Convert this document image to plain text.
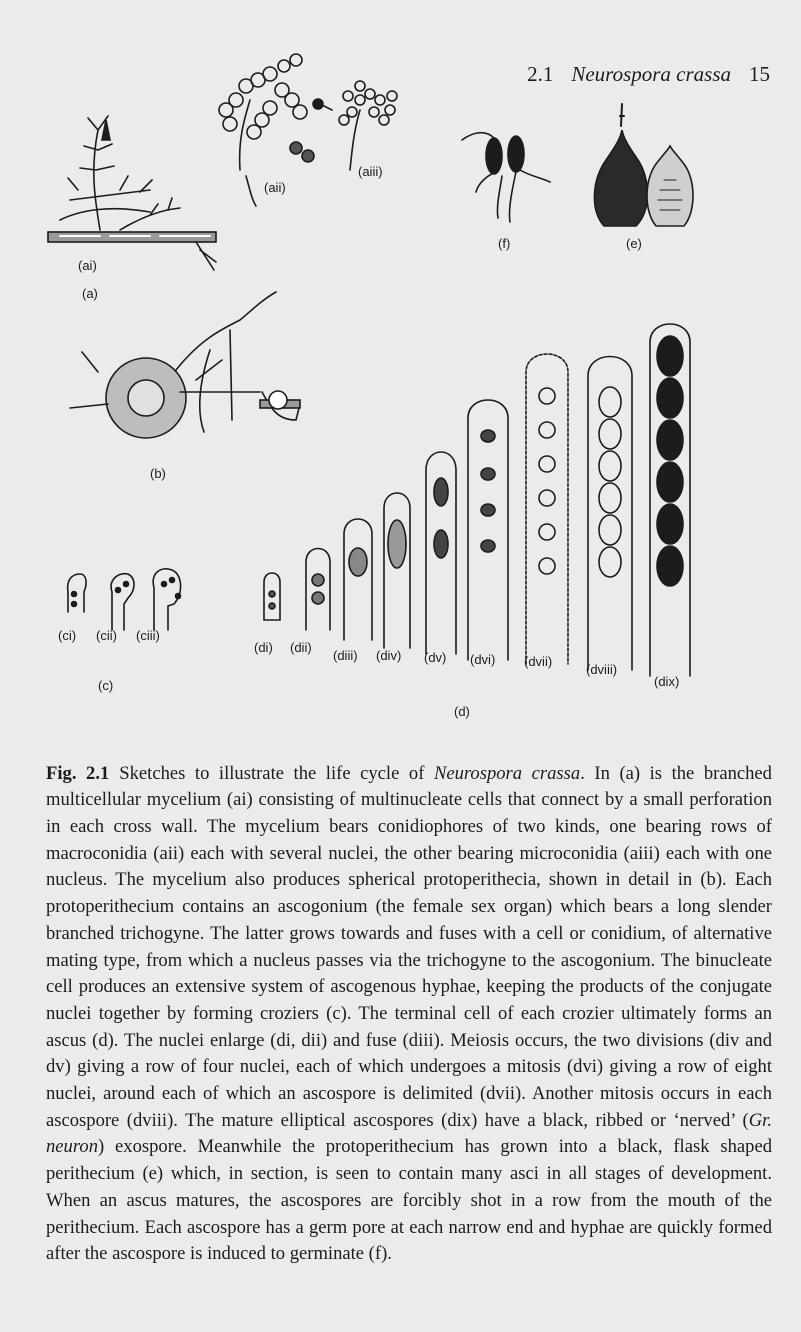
2.1 Neurospora crassa 15
(ai)
(a)
(aii)
(aiii)
(f)	(e)
(b)
(ci) (cii) (ciii)
(c)
(di) (dii)
(diii) (div) (dv) (dvi) (dvii)
(dviii)
(dix)
(d)

Fig. 2.1 Sketches to illustrate the life cycle of Neurospora crassa. In (a) is the branched multicellular mycelium (ai) consisting of multinucleate cells that connect by a small perforation in each cross wall. The mycelium bears conidiophores of two kinds, one bearing rows of macroconidia (aii) each with several nuclei, the other bearing microconidia (aiii) each with one nucleus. The mycelium also produces spherical protoperithecia, shown in detail in (b). Each protoperithecium contains an ascogonium (the female sex organ) which bears a long slender branched trichogyne. The latter grows towards and fuses with a cell or conidium, of alternative mating type, from which a nucleus passes via the trichogyne to the ascogonium. The binucleate cell produces an extensive system of ascogenous hyphae, keeping the products of the conjugate nuclei together by forming croziers (c). The terminal cell of each crozier ultimately forms an ascus (d). The nuclei enlarge (di, dii) and fuse (diii). Meiosis occurs, the two divisions (div and dv) giving a row of four nuclei, each of which undergoes a mitosis (dvi) giving a row of eight nuclei, around each of which an ascospore is delimited (dvii). Another mitosis occurs in each ascospore (dviii). The mature elliptical ascospores (dix) have a black, ribbed or ‘nerved’ (Gr. neuron) exospore. Meanwhile the protoperithecium has grown into a black, flask shaped perithecium (e) which, in section, is seen to contain many asci in all stages of development. When an ascus matures, the ascospores are forcibly shot in a row from the mouth of the perithecium. Each ascospore has a germ pore at each narrow end and hyphae are quickly formed after the ascospore is induced to germinate (f).
